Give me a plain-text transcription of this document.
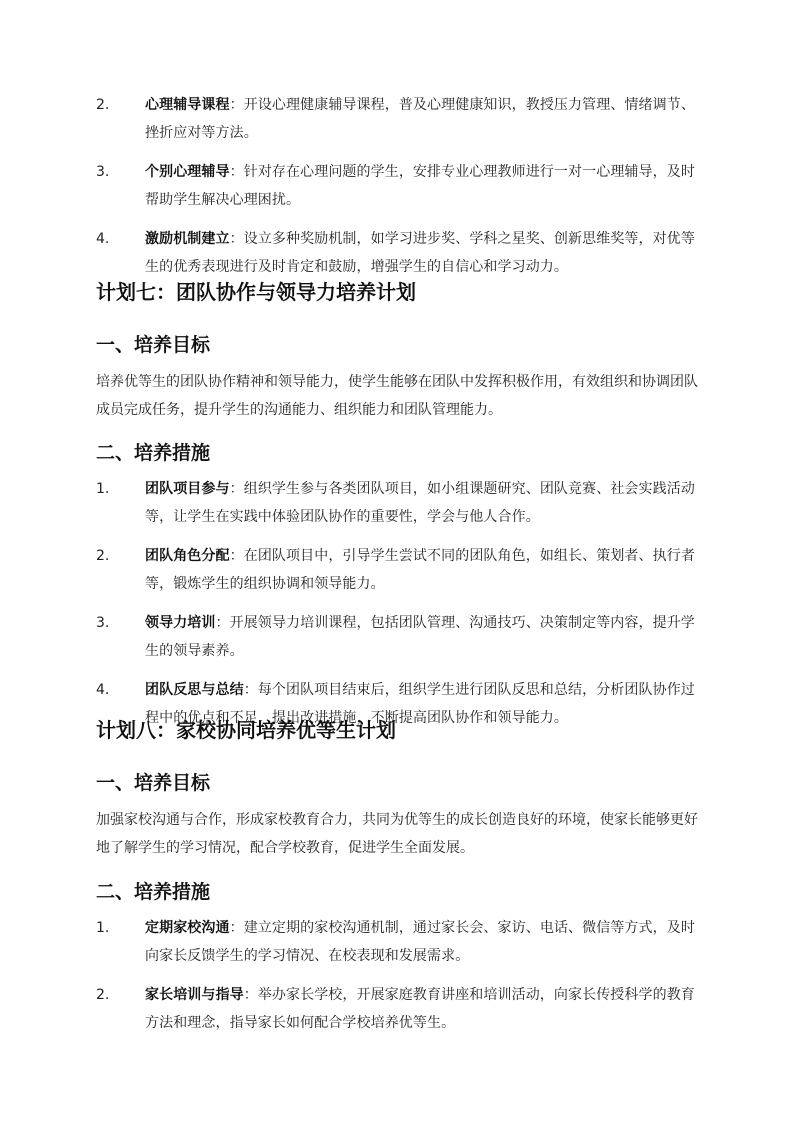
2.	心理辅导课程：开设心理健康辅导课程，普及心理健康知识，教授压力管理、情绪调节、挫折应对等方法。
3.	个别心理辅导：针对存在心理问题的学生，安排专业心理教师进行一对一心理辅导，及时帮助学生解决心理困扰。
4.	激励机制建立：设立多种奖励机制，如学习进步奖、学科之星奖、创新思维奖等，对优等生的优秀表现进行及时肯定和鼓励，增强学生的自信心和学习动力。
计划七：团队协作与领导力培养计划
一、培养目标

培养优等生的团队协作精神和领导能力，使学生能够在团队中发挥积极作用，有效组织和协调团队成员完成任务，提升学生的沟通能力、组织能力和团队管理能力。

二、培养措施
1.	团队项目参与：组织学生参与各类团队项目，如小组课题研究、团队竞赛、社会实践活动等，让学生在实践中体验团队协作的重要性，学会与他人合作。
2.	团队角色分配：在团队项目中，引导学生尝试不同的团队角色，如组长、策划者、执行者等，锻炼学生的组织协调和领导能力。
3.	领导力培训：开展领导力培训课程，包括团队管理、沟通技巧、决策制定等内容，提升学生的领导素养。
4.	团队反思与总结：每个团队项目结束后，组织学生进行团队反思和总结，分析团队协作过程中的优点和不足，提出改进措施，不断提高团队协作和领导能力。
计划八：家校协同培养优等生计划
一、培养目标

加强家校沟通与合作，形成家校教育合力，共同为优等生的成长创造良好的环境，使家长能够更好地了解学生的学习情况，配合学校教育，促进学生全面发展。

二、培养措施
1.	定期家校沟通：建立定期的家校沟通机制，通过家长会、家访、电话、微信等方式，及时向家长反馈学生的学习情况、在校表现和发展需求。
2.	家长培训与指导：举办家长学校，开展家庭教育讲座和培训活动，向家长传授科学的教育方法和理念，指导家长如何配合学校培养优等生。
